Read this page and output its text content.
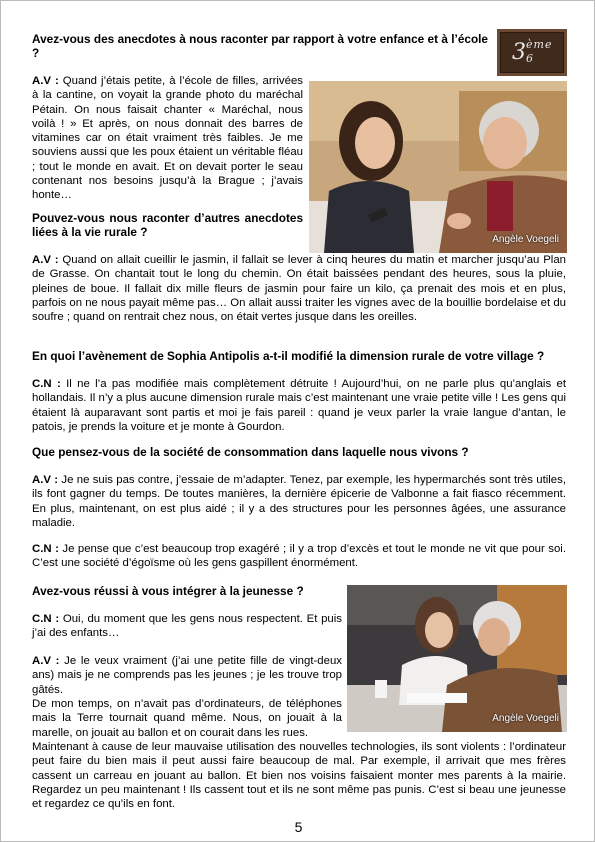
Avez-vous des anecdotes à nous raconter par rapport à votre enfance et à l’école ?	3 ème 6
A.V : Quand j’étais petite, à l’école de filles, arrivées à la cantine, on voyait la grande photo du maréchal Pétain. On nous faisait chanter « Maréchal, nous voilà ! » Et après, on nous donnait des barres de vitamines car on était vraiment très faibles. Je me souviens aussi que les poux étaient un véritable fléau ; tout le monde en avait. Et on devait porter le seau contenant nos besoins jusqu’à la Brague ; j’avais honte…
Angèle Voegeli
Pouvez-vous nous raconter d’autres anecdotes liées à la vie rurale ?
A.V : Quand on allait cueillir le jasmin, il fallait se lever à cinq heures du matin et marcher jusqu’au Plan de Grasse. On chantait tout le long du chemin. On était baissées pendant des heures, sous la pluie, pleines de boue. Il fallait dix mille fleurs de jasmin pour faire un kilo, ça prenait des mois et en plus, parfois on ne nous payait même pas… On allait aussi traiter les vignes avec de la bouillie bordelaise et du soufre ; quand on rentrait chez nous, on était vertes jusque dans les oreilles.
En quoi l’avènement de Sophia Antipolis a-t-il modifié la dimension rurale de votre village ?
C.N : Il ne l’a pas modifiée mais complètement détruite ! Aujourd’hui, on ne parle plus qu’anglais et hollandais. Il n’y a plus aucune dimension rurale mais c’est maintenant une vraie petite ville ! Les gens qui étaient là auparavant sont partis et moi je fais pareil : quand je veux parler la vraie langue d’antan, le patois, je prends la voiture et je monte à Gourdon.
Que pensez-vous de la société de consommation dans laquelle nous vivons ?
A.V : Je ne suis pas contre, j’essaie de m’adapter. Tenez, par exemple, les hypermarchés sont très utiles, ils font gagner du temps. De toutes manières, la dernière épicerie de Valbonne a fait fiasco récemment. En plus, maintenant, on est plus aidé ; il y a des structures pour les personnes âgées, une assurance maladie.
C.N : Je pense que c’est beaucoup trop exagéré ; il y a trop d’excès et tout le monde ne vit que pour soi. C’est une société d’égoïsme où les gens gaspillent énormément.
Avez-vous réussi à vous intégrer à la jeunesse ?
Angèle Voegeli
C.N : Oui, du moment que les gens nous respectent. Et puis j’ai des enfants…
A.V : Je le veux vraiment (j’ai une petite fille de vingt-deux ans) mais je ne comprends pas les jeunes ; je les trouve trop gâtés.
De mon temps, on n’avait pas d’ordinateurs, de téléphones mais la Terre tournait quand même. Nous, on jouait à la marelle, on jouait au ballon et on courait dans les rues.
Maintenant à cause de leur mauvaise utilisation des nouvelles technologies, ils sont violents : l’ordinateur peut faire du bien mais il peut aussi faire beaucoup de mal. Par exemple, il arrivait que mes frères cassent un carreau en jouant au ballon. Et bien nos voisins faisaient monter mes parents à la mairie. Regardez un peu maintenant ! Ils cassent tout et ils ne sont même pas punis. C’est si beau une jeunesse et regardez ce qu’ils en font.
5
